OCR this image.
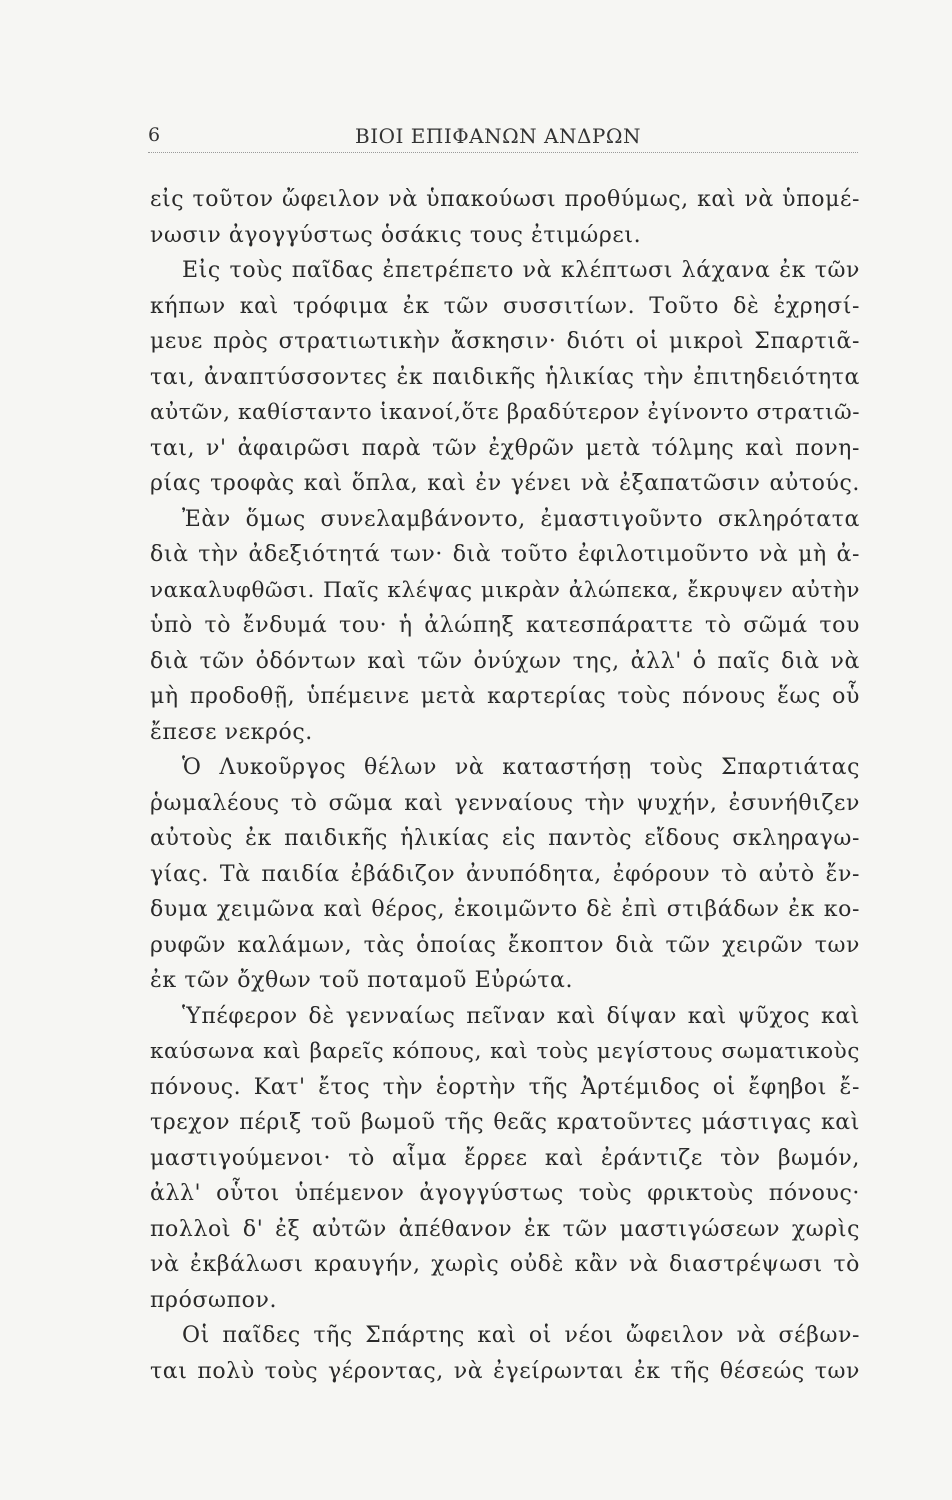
6	ΒΙΟΙ ΕΠΙΦΑΝΩΝ ΑΝΔΡΩΝ
εἰς τοῦτον ὤφειλον νὰ ὑπακούωσι προθύμως, καὶ νὰ ὑπομέ-
νωσιν ἀγογγύστως ὁσάκις τους ἐτιμώρει.
Εἰς τοὺς παῖδας ἐπετρέπετο νὰ κλέπτωσι λάχανα ἐκ τῶν
κήπων καὶ τρόφιμα ἐκ τῶν συσσιτίων. Τοῦτο δὲ ἐχρησί-
μευε πρὸς στρατιωτικὴν ἄσκησιν· διότι οἱ μικροὶ Σπαρτιᾶ-
ται, ἀναπτύσσοντες ἐκ παιδικῆς ἡλικίας τὴν ἐπιτηδειότητα
αὐτῶν, καθίσταντο ἱκανοί,ὅτε βραδύτερον ἐγίνοντο στρατιῶ-
ται, ν' ἀφαιρῶσι παρὰ τῶν ἐχθρῶν μετὰ τόλμης καὶ πονη-
ρίας τροφὰς καὶ ὅπλα, καὶ ἐν γένει νὰ ἐξαπατῶσιν αὐτούς.
Ἐὰν ὅμως συνελαμβάνοντο, ἐμαστιγοῦντο σκληρότατα
διὰ τὴν ἀδεξιότητά των· διὰ τοῦτο ἐφιλοτιμοῦντο νὰ μὴ ἀ-
νακαλυφθῶσι. Παῖς κλέψας μικρὰν ἀλώπεκα, ἔκρυψεν αὐτὴν
ὑπὸ τὸ ἔνδυμά του· ἡ ἀλώπηξ κατεσπάραττε τὸ σῶμά του
διὰ τῶν ὀδόντων καὶ τῶν ὀνύχων της, ἀλλ' ὁ παῖς διὰ νὰ
μὴ προδοθῇ, ὑπέμεινε μετὰ καρτερίας τοὺς πόνους ἕως οὗ
ἔπεσε νεκρός.
Ὁ Λυκοῦργος θέλων νὰ καταστήσῃ τοὺς Σπαρτιάτας
ῥωμαλέους τὸ σῶμα καὶ γενναίους τὴν ψυχήν, ἐσυνήθιζεν
αὐτοὺς ἐκ παιδικῆς ἡλικίας εἰς παντὸς εἴδους σκληραγω-
γίας. Τὰ παιδία ἐβάδιζον ἀνυπόδητα, ἐφόρουν τὸ αὐτὸ ἔν-
δυμα χειμῶνα καὶ θέρος, ἐκοιμῶντο δὲ ἐπὶ στιβάδων ἐκ κο-
ρυφῶν καλάμων, τὰς ὁποίας ἔκοπτον διὰ τῶν χειρῶν των
ἐκ τῶν ὄχθων τοῦ ποταμοῦ Εὐρώτα.
Ὑπέφερον δὲ γενναίως πεῖναν καὶ δίψαν καὶ ψῦχος καὶ
καύσωνα καὶ βαρεῖς κόπους, καὶ τοὺς μεγίστους σωματικοὺς
πόνους. Κατ' ἔτος τὴν ἑορτὴν τῆς Ἀρτέμιδος οἱ ἔφηβοι ἔ-
τρεχον πέριξ τοῦ βωμοῦ τῆς θεᾶς κρατοῦντες μάστιγας καὶ
μαστιγούμενοι· τὸ αἷμα ἔρρεε καὶ ἐράντιζε τὸν βωμόν,
ἀλλ' οὗτοι ὑπέμενον ἀγογγύστως τοὺς φρικτοὺς πόνους·
πολλοὶ δ' ἐξ αὐτῶν ἀπέθανον ἐκ τῶν μαστιγώσεων χωρὶς
νὰ ἐκβάλωσι κραυγήν, χωρὶς οὐδὲ κἂν νὰ διαστρέψωσι τὸ
πρόσωπον.
Οἱ παῖδες τῆς Σπάρτης καὶ οἱ νέοι ὤφειλον νὰ σέβων-
ται πολὺ τοὺς γέροντας, νὰ ἐγείρωνται ἐκ τῆς θέσεώς των
